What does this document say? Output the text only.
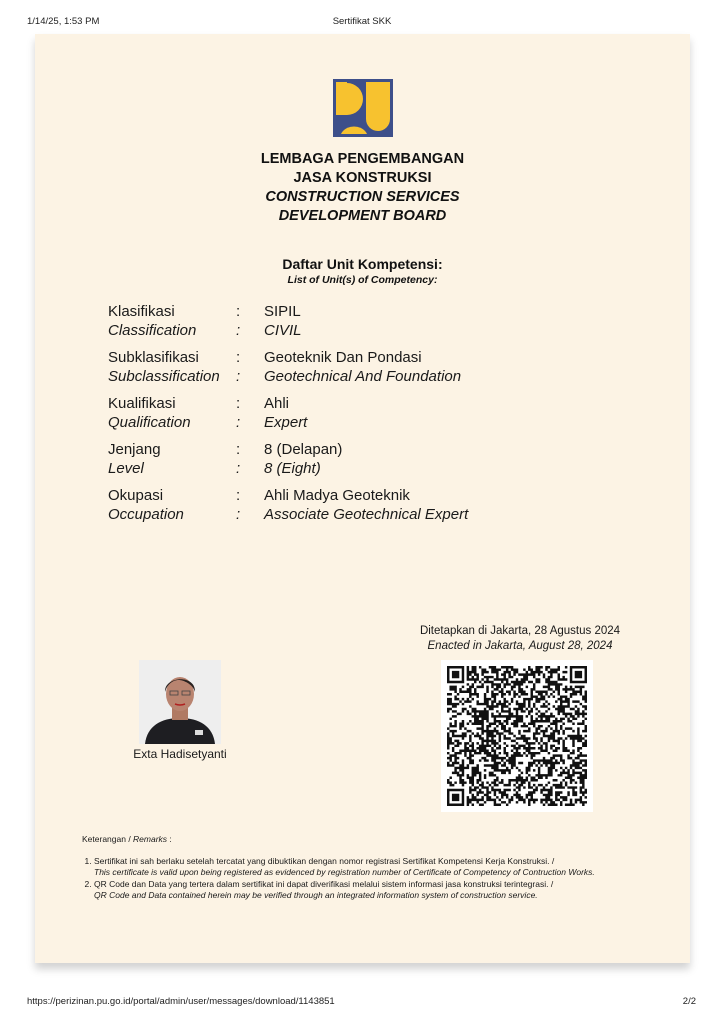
1/14/25, 1:53 PM	Sertifikat SKK
LEMBAGA PENGEMBANGAN
JASA KONSTRUKSI
CONSTRUCTION SERVICES
DEVELOPMENT BOARD
Daftar Unit Kompetensi:
List of Unit(s) of Competency:
Klasifikasi	:	SIPIL
Classification	:	CIVIL
Subklasifikasi	:	Geoteknik Dan Pondasi
Subclassification	:	Geotechnical And Foundation
Kualifikasi	:	Ahli
Qualification	:	Expert
Jenjang	:	8 (Delapan)
Level	:	8 (Eight)
Okupasi	:	Ahli Madya Geoteknik
Occupation	:	Associate Geotechnical Expert
Ditetapkan di Jakarta, 28 Agustus 2024
Enacted in Jakarta, August 28, 2024
Exta Hadisetyanti
Keterangan / Remarks :
1. Sertifikat ini sah berlaku setelah tercatat yang dibuktikan dengan nomor registrasi Sertifikat Kompetensi Kerja Konstruksi. /
This certificate is valid upon being registered as evidenced by registration number of Certificate of Competency of Contruction Works.
2. QR Code dan Data yang tertera dalam sertifikat ini dapat diverifikasi melalui sistem informasi jasa konstruksi terintegrasi. /
QR Code and Data contained herein may be verified through an integrated information system of construction service.
https://perizinan.pu.go.id/portal/admin/user/messages/download/1143851	2/2
